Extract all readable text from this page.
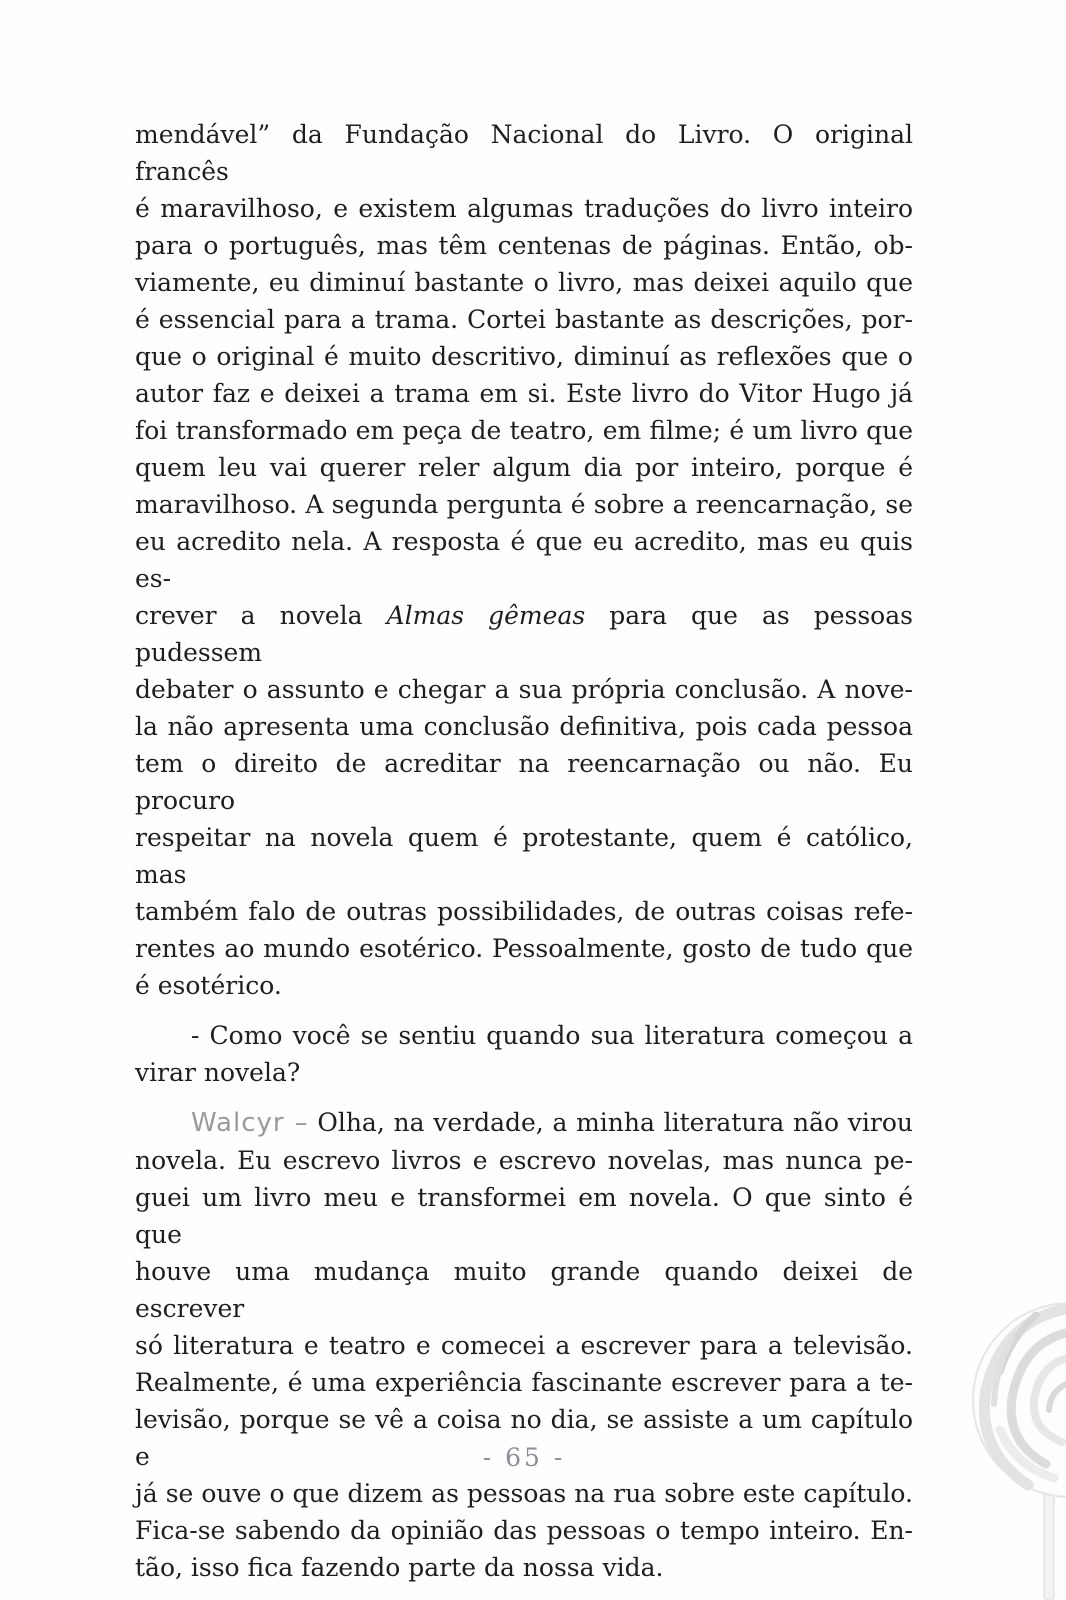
mendável” da Fundação Nacional do Livro. O original francês
é maravilhoso, e existem algumas traduções do livro inteiro
para o português, mas têm centenas de páginas. Então, ob-
viamente, eu diminuí bastante o livro, mas deixei aquilo que
é essencial para a trama. Cortei bastante as descrições, por-
que o original é muito descritivo, diminuí as reflexões que o
autor faz e deixei a trama em si. Este livro do Vitor Hugo já
foi transformado em peça de teatro, em filme; é um livro que
quem leu vai querer reler algum dia por inteiro, porque é
maravilhoso. A segunda pergunta é sobre a reencarnação, se
eu acredito nela. A resposta é que eu acredito, mas eu quis es-
crever a novela Almas gêmeas para que as pessoas pudessem
debater o assunto e chegar a sua própria conclusão. A nove-
la não apresenta uma conclusão definitiva, pois cada pessoa
tem o direito de acreditar na reencarnação ou não. Eu procuro
respeitar na novela quem é protestante, quem é católico, mas
também falo de outras possibilidades, de outras coisas refe-
rentes ao mundo esotérico. Pessoalmente, gosto de tudo que
é esotérico.
- Como você se sentiu quando sua literatura começou a
virar novela?
Walcyr – Olha, na verdade, a minha literatura não virou
novela. Eu escrevo livros e escrevo novelas, mas nunca pe-
guei um livro meu e transformei em novela. O que sinto é que
houve uma mudança muito grande quando deixei de escrever
só literatura e teatro e comecei a escrever para a televisão.
Realmente, é uma experiência fascinante escrever para a te-
levisão, porque se vê a coisa no dia, se assiste a um capítulo e
já se ouve o que dizem as pessoas na rua sobre este capítulo.
Fica-se sabendo da opinião das pessoas o tempo inteiro. En-
tão, isso fica fazendo parte da nossa vida.
- 65 -
